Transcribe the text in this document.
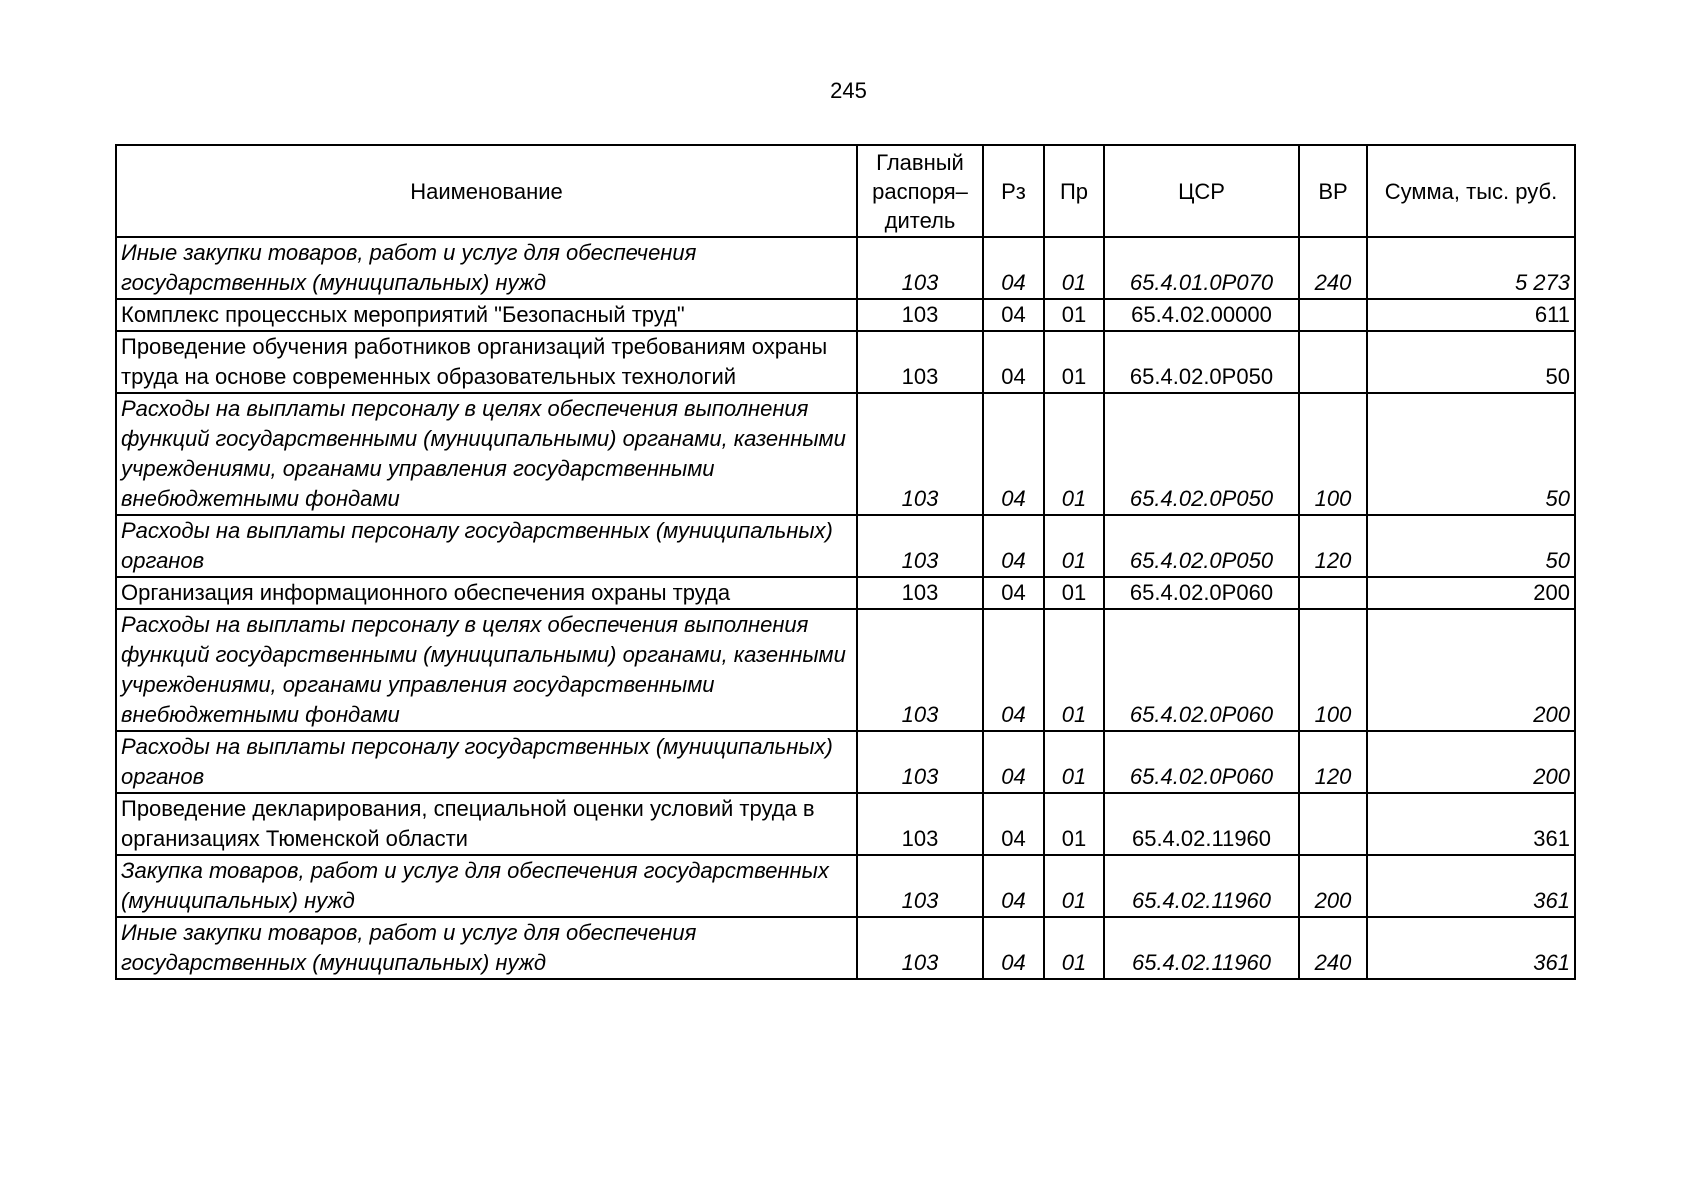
245
Наименование	Главный распоря–дитель	Рз	Пр	ЦСР	ВР	Сумма, тыс. руб.
Иные закупки товаров, работ и услуг для обеспечения государственных (муниципальных) нужд	103	04	01	65.4.01.0Р070	240	5 273
Комплекс процессных мероприятий "Безопасный труд"	103	04	01	65.4.02.00000		611
Проведение обучения работников организаций требованиям охраны труда на основе современных образовательных технологий	103	04	01	65.4.02.0Р050		50
Расходы на выплаты персоналу в целях обеспечения выполнения функций государственными (муниципальными) органами, казенными учреждениями, органами управления государственными внебюджетными фондами	103	04	01	65.4.02.0Р050	100	50
Расходы на выплаты персоналу государственных (муниципальных) органов	103	04	01	65.4.02.0Р050	120	50
Организация информационного обеспечения охраны труда	103	04	01	65.4.02.0Р060		200
Расходы на выплаты персоналу в целях обеспечения выполнения функций государственными (муниципальными) органами, казенными учреждениями, органами управления государственными внебюджетными фондами	103	04	01	65.4.02.0Р060	100	200
Расходы на выплаты персоналу государственных (муниципальных) органов	103	04	01	65.4.02.0Р060	120	200
Проведение декларирования, специальной оценки условий труда в организациях Тюменской области	103	04	01	65.4.02.11960		361
Закупка товаров, работ и услуг для обеспечения государственных (муниципальных) нужд	103	04	01	65.4.02.11960	200	361
Иные закупки товаров, работ и услуг для обеспечения государственных (муниципальных) нужд	103	04	01	65.4.02.11960	240	361
